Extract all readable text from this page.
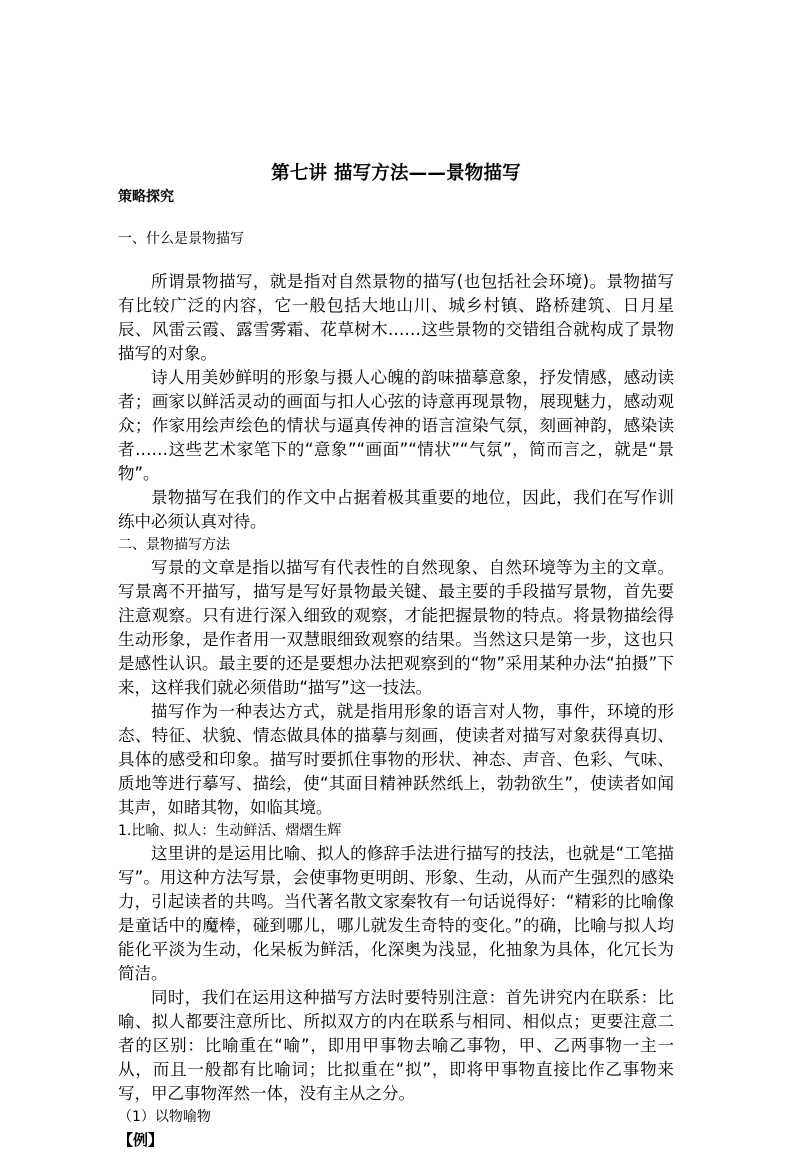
第七讲 描写方法——景物描写
策略探究
一、什么是景物描写

所谓景物描写，就是指对自然景物的描写(也包括社会环境)。景物描写有比较广泛的内容，它一般包括大地山川、城乡村镇、路桥建筑、日月星辰、风雷云霞、露雪雾霜、花草树木……这些景物的交错组合就构成了景物描写的对象。

诗人用美妙鲜明的形象与摄人心魄的韵味描摹意象，抒发情感，感动读者；画家以鲜活灵动的画面与扣人心弦的诗意再现景物，展现魅力，感动观众；作家用绘声绘色的情状与逼真传神的语言渲染气氛，刻画神韵，感染读者……这些艺术家笔下的“意象”“画面”“情状”“气氛”，简而言之，就是“景物”。

景物描写在我们的作文中占据着极其重要的地位，因此，我们在写作训练中必须认真对待。

二、景物描写方法

写景的文章是指以描写有代表性的自然现象、自然环境等为主的文章。写景离不开描写，描写是写好景物最关键、最主要的手段描写景物，首先要注意观察。只有进行深入细致的观察，才能把握景物的特点。将景物描绘得生动形象，是作者用一双慧眼细致观察的结果。当然这只是第一步，这也只是感性认识。最主要的还是要想办法把观察到的“物”采用某种办法“拍摄”下来，这样我们就必须借助“描写”这一技法。

描写作为一种表达方式，就是指用形象的语言对人物，事件，环境的形态、特征、状貌、情态做具体的描摹与刻画，使读者对描写对象获得真切、具体的感受和印象。描写时要抓住事物的形状、神态、声音、色彩、气味、质地等进行摹写、描绘，使“其面目精神跃然纸上，勃勃欲生”，使读者如闻其声，如睹其物，如临其境。

1.比喻、拟人：生动鲜活、熠熠生辉

这里讲的是运用比喻、拟人的修辞手法进行描写的技法，也就是“工笔描写”。用这种方法写景，会使事物更明朗、形象、生动，从而产生强烈的感染力，引起读者的共鸣。当代著名散文家秦牧有一句话说得好：“精彩的比喻像是童话中的魔棒，碰到哪儿，哪儿就发生奇特的变化。”的确，比喻与拟人均能化平淡为生动，化呆板为鲜活，化深奥为浅显，化抽象为具体，化冗长为简洁。

同时，我们在运用这种描写方法时要特别注意：首先讲究内在联系：比喻、拟人都要注意所比、所拟双方的内在联系与相同、相似点；更要注意二者的区别：比喻重在“喻”，即用甲事物去喻乙事物，甲、乙两事物一主一从，而且一般都有比喻词；比拟重在“拟”，即将甲事物直接比作乙事物来写，甲乙事物浑然一体，没有主从之分。

（1）以物喻物
【例】
